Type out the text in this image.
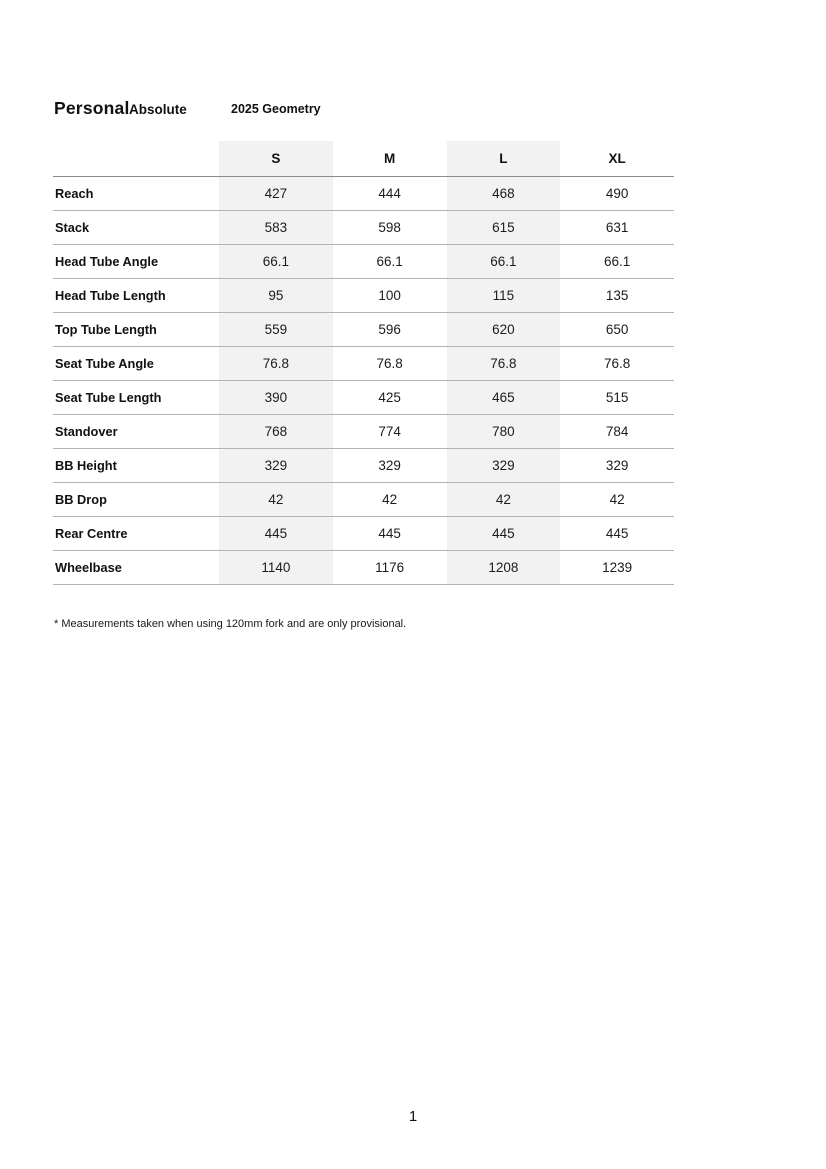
Personal Absolute	2025 Geometry
S	M	L	XL
Reach	427	444	468	490
Stack	583	598	615	631
Head Tube Angle	66.1	66.1	66.1	66.1
Head Tube Length	95	100	115	135
Top Tube Length	559	596	620	650
Seat Tube Angle	76.8	76.8	76.8	76.8
Seat Tube Length	390	425	465	515
Standover	768	774	780	784
BB Height	329	329	329	329
BB Drop	42	42	42	42
Rear Centre	445	445	445	445
Wheelbase	1140	1176	1208	1239
* Measurements taken when using 120mm fork and are only provisional.
1
